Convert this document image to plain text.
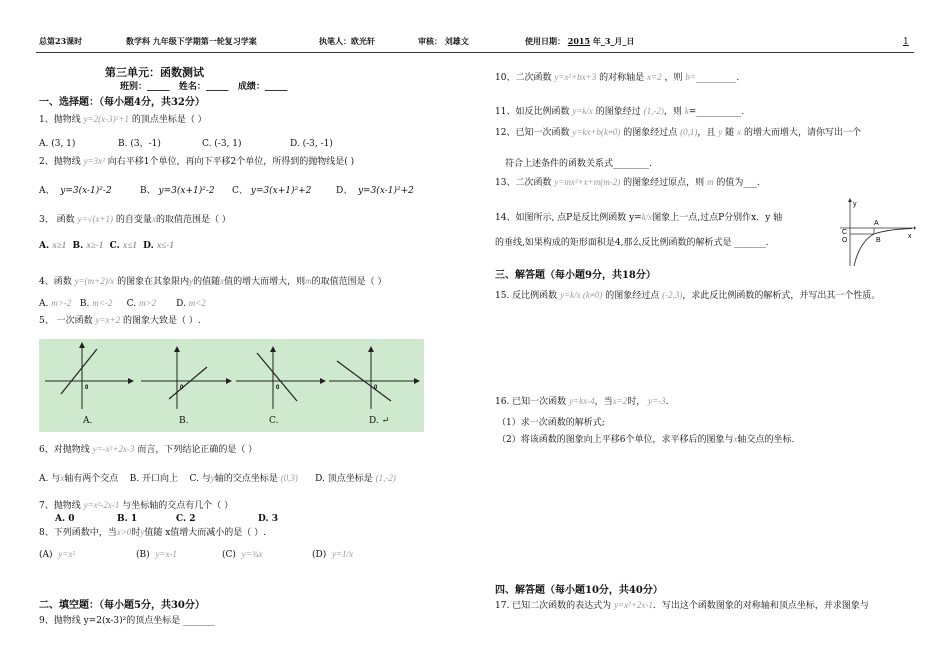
总第23课时	数学科 九年级下学期第一轮复习学案	执笔人：欧光轩	审核： 刘雄文	使用日期： 2015 年_3_月_日	1
第三单元：函数测试
班别：_____ 姓名：_____ 成绩：_____
一、选择题：（每小题4分，共32分）
1、抛物线 y=2(x-3)²+1 的顶点坐标是（ ）
A. (3, 1)	B. (3，-1)	C. (-3, 1)	D. (-3, -1)
2、抛物线 y=3x² 向右平移1个单位，再向下平移2个单位，所得到的抛物线是( )
A、 y=3(x-1)²-2	B、 y=3(x+1)²-2 C、 y=3(x+1)²+2	D、 y=3(x-1)²+2
3、 函数 y=√(x+1) 的自变量x的取值范围是（ ）
A. x≥1 B. x≥-1 C. x≤1 D. x≤-1
4、函数 y=(m+2)/x 的图象在其象限内y的值随x值的增大而增大，则m的取值范围是（ ）
A. m>-2 B. m<-2 C. m>2 D. m<2
5、 一次函数 y=x+2 的图象大致是（ ）.
0	0	0	0
A.	B.	C.	D. ↵
6、对抛物线 y=-x²+2x-3 而言，下列结论正确的是（ ）
A. 与x轴有两个交点 B. 开口向上 C. 与y轴的交点坐标是 (0,3) D. 顶点坐标是 (1,-2)
7、抛物线 y=x²-2x-1 与坐标轴的交点有几个（ ）
A. 0	B. 1	C. 2	D. 3
8、下列函数中，当x>0时y值随 x值增大而减小的是（ ）.
(A) y=x²	(B) y=x-1	(C) y=¾x	(D) y=1/x
二、填空题：（每小题5分，共30分）
9、抛物线 y=2(x-3)²的顶点坐标是 _______
10、二次函数 y=x²+bx+3 的对称轴是 x=2 ，则 b=_________.
11、如反比例函数 y=k/x 的图象经过 (1,-2)，则 k=__________.
12、已知一次函数 y=kx+b(k≠0) 的图象经过点 (0,1)，且 y 随 x 的增大而增大，请你写出一个
符合上述条件的函数关系式________.
13、二次函数 y=mx²+x+m(m-2) 的图象经过原点，则 m 的值为___.
14、如图所示, 点P是反比例函数 y=k/x图象上一点,过点P分别作x．y 轴
的垂线,如果构成的矩形面积是4,那么反比例函数的解析式是 _______.
y
A
C
O	B
x
三、解答题（每小题9分，共18分）
15. 反比例函数 y=k/x (k≠0) 的图象经过点 (-2,3)，求此反比例函数的解析式，并写出其一个性质。
16. 已知一次函数 y=kx-4，当x=2时， y=-3.
（1）求一次函数的解析式;
（2）将该函数的图象向上平移6个单位，求平移后的图象与x轴交点的坐标.
四、解答题（每小题10分，共40分）
17. 已知二次函数的表达式为 y=x²+2x-1．写出这个函数图象的对称轴和顶点坐标，并求图象与
